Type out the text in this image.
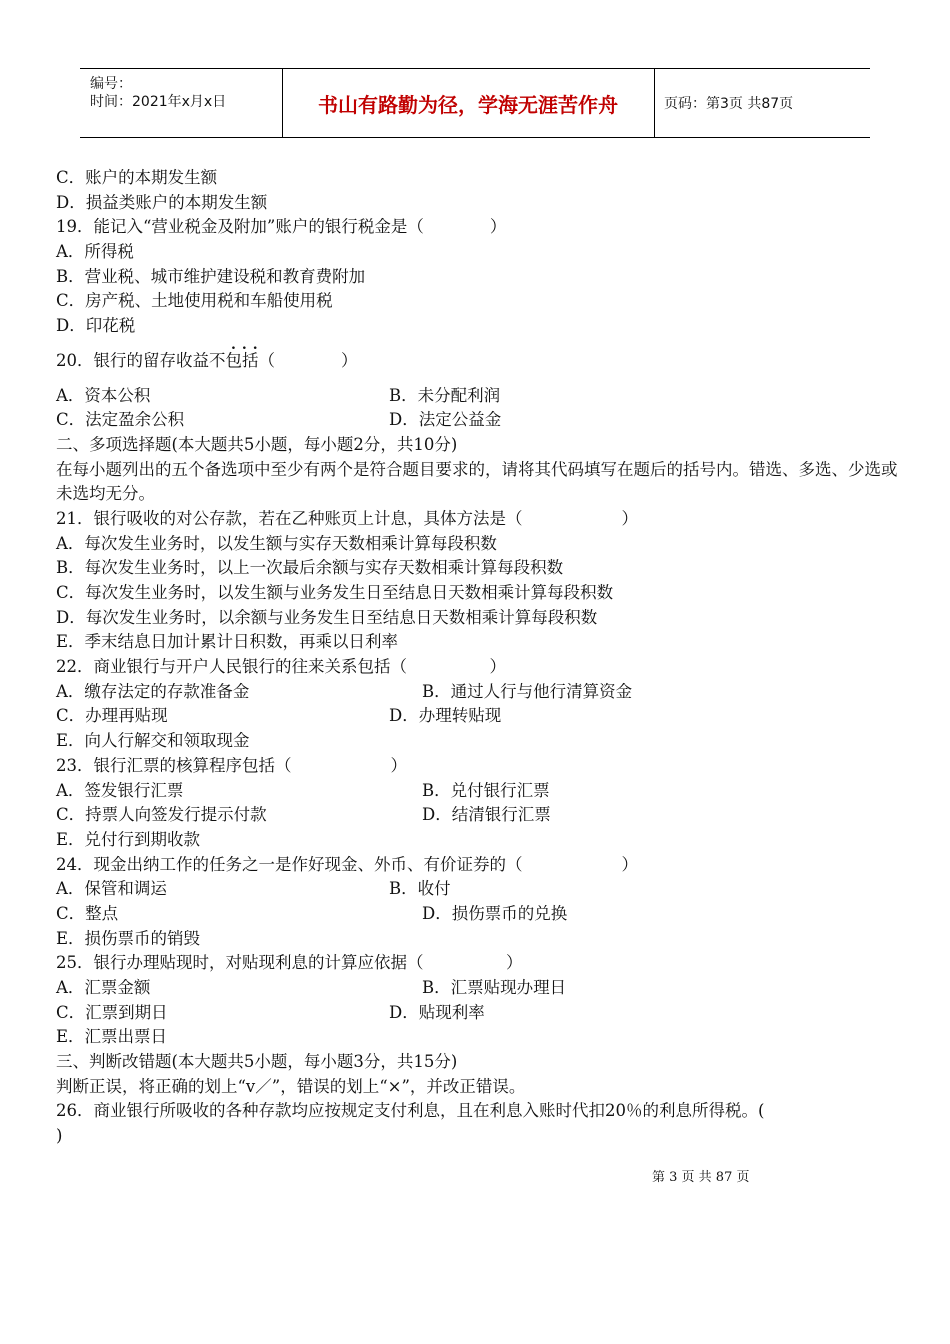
编号：
时间：2021年x月x日	书山有路勤为径，学海无涯苦作舟	页码：第3页 共87页
C．账户的本期发生额
D．损益类账户的本期发生额
19．能记入“营业税金及附加”账户的银行税金是（　　　　）
A．所得税
B．营业税、城市维护建设税和教育费附加
C．房产税、土地使用税和车船使用税
D．印花税
...
20．银行的留存收益不包括（　　　　）
A．资本公积	B．未分配利润
C．法定盈余公积	D．法定公益金
二、多项选择题(本大题共5小题，每小题2分，共10分)
在每小题列出的五个备选项中至少有两个是符合题目要求的，请将其代码填写在题后的括号内。错选、多选、少选或未选均无分。
21．银行吸收的对公存款，若在乙种账页上计息，具体方法是（　　　　　　）
A．每次发生业务时，以发生额与实存天数相乘计算每段积数
B．每次发生业务时，以上一次最后余额与实存天数相乘计算每段积数
C．每次发生业务时，以发生额与业务发生日至结息日天数相乘计算每段积数
D．每次发生业务时，以余额与业务发生日至结息日天数相乘计算每段积数
E．季末结息日加计累计日积数，再乘以日利率
22．商业银行与开户人民银行的往来关系包括（　　　　　）
A．缴存法定的存款准备金	B．通过人行与他行清算资金
C．办理再贴现	D．办理转贴现
E．向人行解交和领取现金
23．银行汇票的核算程序包括（　　　　　　）
A．签发银行汇票	B．兑付银行汇票
C．持票人向签发行提示付款	D．结清银行汇票
E．兑付行到期收款
24．现金出纳工作的任务之一是作好现金、外币、有价证券的（　　　　　　）
A．保管和调运	B．收付
C．整点	D．损伤票币的兑换
E．损伤票币的销毁
25．银行办理贴现时，对贴现利息的计算应依据（　　　　　）
A．汇票金额	B．汇票贴现办理日
C．汇票到期日	D．贴现利率
E．汇票出票日
三、判断改错题(本大题共5小题，每小题3分，共15分)
判断正误，将正确的划上“v／”，错误的划上“×”，并改正错误。
26．商业银行所吸收的各种存款均应按规定支付利息，且在利息入账时代扣20％的利息所得税。(
)
第 3 页 共 87 页
